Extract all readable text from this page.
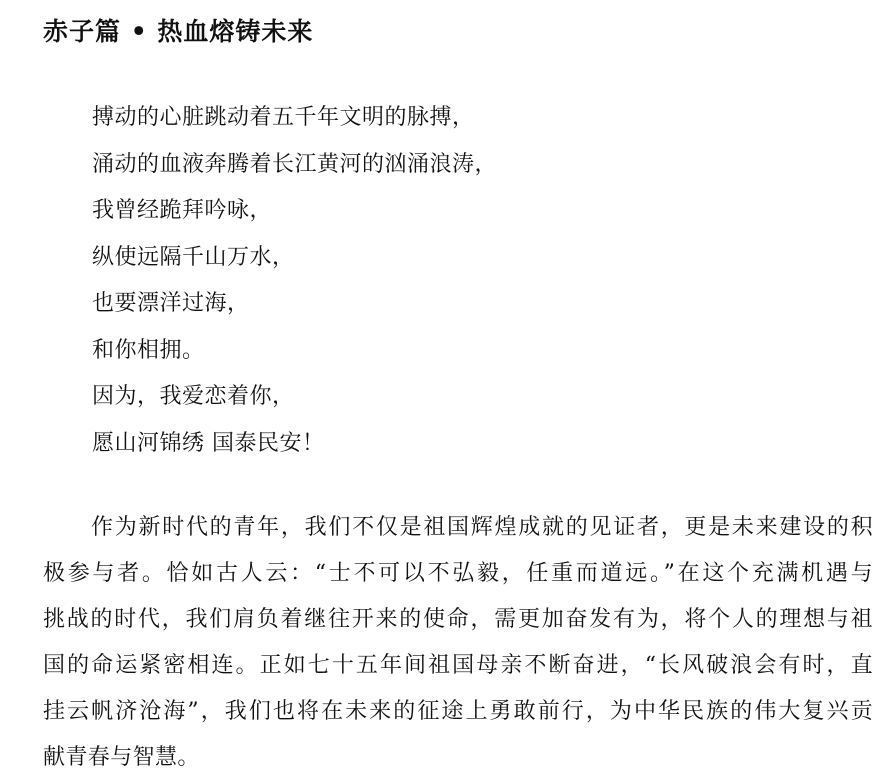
赤子篇 • 热血熔铸未来
搏动的心脏跳动着五千年文明的脉搏，
涌动的血液奔腾着长江黄河的汹涌浪涛，
我曾经跪拜吟咏，
纵使远隔千山万水，
也要漂洋过海，
和你相拥。
因为，我爱恋着你，
愿山河锦绣 国泰民安！
作为新时代的青年，我们不仅是祖国辉煌成就的见证者，更是未来建设的积
极参与者。恰如古人云：“士不可以不弘毅，任重而道远。”在这个充满机遇与
挑战的时代，我们肩负着继往开来的使命，需更加奋发有为，将个人的理想与祖
国的命运紧密相连。正如七十五年间祖国母亲不断奋进，“长风破浪会有时，直
挂云帆济沧海”，我们也将在未来的征途上勇敢前行，为中华民族的伟大复兴贡
献青春与智慧。
